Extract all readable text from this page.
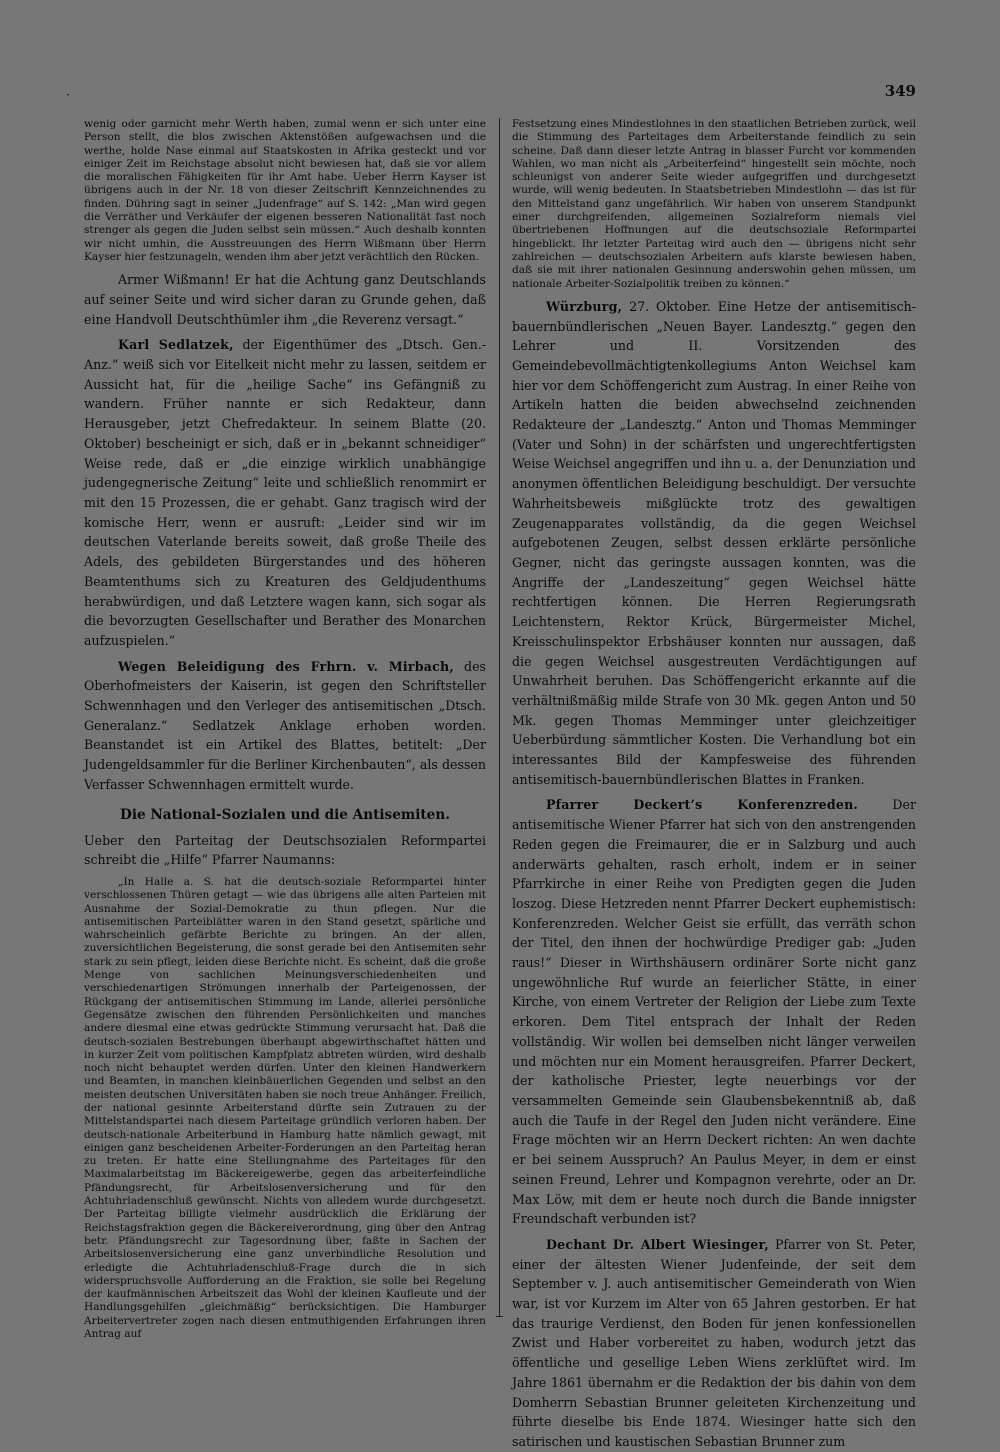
·	349

wenig oder garnicht mehr Werth haben, zumal wenn er sich unter eine Person stellt, die blos zwischen Aktenstößen aufgewachsen und die werthe, holde Nase einmal auf Staatskosten in Afrika gesteckt und vor einiger Zeit im Reichstage absolut nicht bewiesen hat, daß sie vor allem die moralischen Fähigkeiten für ihr Amt habe. Ueber Herrn Kayser ist übrigens auch in der Nr. 18 von dieser Zeitschrift Kennzeichnendes zu finden. Dühring sagt in seiner „Judenfrage“ auf S. 142: „Man wird gegen die Verräther und Verkäufer der eigenen besseren Nationalität fast noch strenger als gegen die Juden selbst sein müssen.“ Auch deshalb konnten wir nicht umhin, die Ausstreuungen des Herrn Wißmann über Herrn Kayser hier festzunageln, wenden ihm aber jetzt verächtlich den Rücken.

Armer Wißmann! Er hat die Achtung ganz Deutschlands auf seiner Seite und wird sicher daran zu Grunde gehen, daß eine Handvoll Deutschthümler ihm „die Reverenz versagt.“

Karl Sedlatzek, der Eigenthümer des „Dtsch. Gen.-Anz.“ weiß sich vor Eitelkeit nicht mehr zu lassen, seitdem er Aussicht hat, für die „heilige Sache“ ins Gefängniß zu wandern. Früher nannte er sich Redakteur, dann Herausgeber, jetzt Chefredakteur. In seinem Blatte (20. Oktober) bescheinigt er sich, daß er in „bekannt schneidiger“ Weise rede, daß er „die einzige wirklich unabhängige judengegnerische Zeitung“ leite und schließlich renommirt er mit den 15 Prozessen, die er gehabt. Ganz tragisch wird der komische Herr, wenn er ausruft: „Leider sind wir im deutschen Vaterlande bereits soweit, daß große Theile des Adels, des gebildeten Bürgerstandes und des höheren Beamtenthums sich zu Kreaturen des Geldjudenthums herabwürdigen, und daß Letztere wagen kann, sich sogar als die bevorzugten Gesellschafter und Berather des Monarchen aufzuspielen.“

Wegen Beleidigung des Frhrn. v. Mirbach, des Oberhofmeisters der Kaiserin, ist gegen den Schriftsteller Schwennhagen und den Verleger des antisemitischen „Dtsch. Generalanz.“ Sedlatzek Anklage erhoben worden. Beanstandet ist ein Artikel des Blattes, betitelt: „Der Judengeldsammler für die Berliner Kirchenbauten“, als dessen Verfasser Schwennhagen ermittelt wurde.

Die National-Sozialen und die Antisemiten.

Ueber den Parteitag der Deutschsozialen Reformpartei schreibt die „Hilfe“ Pfarrer Naumanns:

„In Halle a. S. hat die deutsch-soziale Reformpartei hinter verschlossenen Thüren getagt — wie das übrigens alle alten Parteien mit Ausnahme der Sozial-Demokratie zu thun pflegen. Nur die antisemitischen Parteiblätter waren in den Stand gesetzt, spärliche und wahrscheinlich gefärbte Berichte zu bringen. An der allen, zuversichtlichen Begeisterung, die sonst gerade bei den Antisemiten sehr stark zu sein pflegt, leiden diese Berichte nicht. Es scheint, daß die große Menge von sachlichen Meinungsverschiedenheiten und verschiedenartigen Strömungen innerhalb der Parteigenossen, der Rückgang der antisemitischen Stimmung im Lande, allerlei persönliche Gegensätze zwischen den führenden Persönlichkeiten und manches andere diesmal eine etwas gedrückte Stimmung verursacht hat. Daß die deutsch-sozialen Bestrebungen überhaupt abgewirthschaftet hätten und in kurzer Zeit vom politischen Kampfplatz abtreten würden, wird deshalb noch nicht behauptet werden dürfen. Unter den kleinen Handwerkern und Beamten, in manchen kleinbäuerlichen Gegenden und selbst an den meisten deutschen Universitäten haben sie noch treue Anhänger. Freilich, der national gesinnte Arbeiterstand dürfte sein Zutrauen zu der Mittelstandspartei nach diesem Parteitage gründlich verloren haben. Der deutsch-nationale Arbeiterbund in Hamburg hatte nämlich gewagt, mit einigen ganz bescheidenen Arbeiter-Forderungen an den Parteitag heran zu treten. Er hatte eine Stellungnahme des Parteitages für den Maximalarbeitstag im Bäckereigewerbe, gegen das arbeiterfeindliche Pfändungsrecht, für Arbeitslosenversicherung und für den Achtuhrladenschluß gewünscht. Nichts von alledem wurde durchgesetzt. Der Parteitag billigte vielmehr ausdrücklich die Erklärung der Reichstagsfraktion gegen die Bäckereiverordnung, ging über den Antrag betr. Pfändungsrecht zur Tagesordnung über, faßte in Sachen der Arbeitslosenversicherung eine ganz unverbindliche Resolution und erledigte die Achtuhrladenschluß-Frage durch die in sich widerspruchsvolle Aufforderung an die Fraktion, sie solle bei Regelung der kaufmännischen Arbeitszeit das Wohl der kleinen Kaufleute und der Handlungsgehilfen „gleichmäßig“ berücksichtigen. Die Hamburger Arbeitervertreter zogen nach diesen entmuthigenden Erfahrungen ihren Antrag auf

Festsetzung eines Mindestlohnes in den staatlichen Betrieben zurück, weil die Stimmung des Parteitages dem Arbeiterstande feindlich zu sein scheine. Daß dann dieser letzte Antrag in blasser Furcht vor kommenden Wahlen, wo man nicht als „Arbeiterfeind“ hingestellt sein möchte, noch schleunigst von anderer Seite wieder aufgegriffen und durchgesetzt wurde, will wenig bedeuten. In Staatsbetrieben Mindestlohn — das ist für den Mittelstand ganz ungefährlich. Wir haben von unserem Standpunkt einer durchgreifenden, allgemeinen Sozialreform niemals viel übertriebenen Hoffnungen auf die deutschsoziale Reformpartei hingeblickt. Ihr letzter Parteitag wird auch den — übrigens nicht sehr zahlreichen — deutschsozialen Arbeitern aufs klarste bewiesen haben, daß sie mit ihrer nationalen Gesinnung anderswohin gehen müssen, um nationale Arbeiter-Sozialpolitik treiben zu können.“

Würzburg, 27. Oktober. Eine Hetze der antisemitisch-bauernbündlerischen „Neuen Bayer. Landesztg.“ gegen den Lehrer und II. Vorsitzenden des Gemeindebevollmächtigtenkollegiums Anton Weichsel kam hier vor dem Schöffengericht zum Austrag. In einer Reihe von Artikeln hatten die beiden abwechselnd zeichnenden Redakteure der „Landesztg.“ Anton und Thomas Memminger (Vater und Sohn) in der schärfsten und ungerechtfertigsten Weise Weichsel angegriffen und ihn u. a. der Denunziation und anonymen öffentlichen Beleidigung beschuldigt. Der versuchte Wahrheitsbeweis mißglückte trotz des gewaltigen Zeugenapparates vollständig, da die gegen Weichsel aufgebotenen Zeugen, selbst dessen erklärte persönliche Gegner, nicht das geringste aussagen konnten, was die Angriffe der „Landeszeitung“ gegen Weichsel hätte rechtfertigen können. Die Herren Regierungsrath Leichtenstern, Rektor Krück, Bürgermeister Michel, Kreisschulinspektor Erbshäuser konnten nur aussagen, daß die gegen Weichsel ausgestreuten Verdächtigungen auf Unwahrheit beruhen. Das Schöffengericht erkannte auf die verhältnißmäßig milde Strafe von 30 Mk. gegen Anton und 50 Mk. gegen Thomas Memminger unter gleichzeitiger Ueberbürdung sämmtlicher Kosten. Die Verhandlung bot ein interessantes Bild der Kampfesweise des führenden antisemitisch-bauernbündlerischen Blattes in Franken.

Pfarrer Deckert’s Konferenzreden. Der antisemitische Wiener Pfarrer hat sich von den anstrengenden Reden gegen die Freimaurer, die er in Salzburg und auch anderwärts gehalten, rasch erholt, indem er in seiner Pfarrkirche in einer Reihe von Predigten gegen die Juden loszog. Diese Hetzreden nennt Pfarrer Deckert euphemistisch: Konferenzreden. Welcher Geist sie erfüllt, das verräth schon der Titel, den ihnen der hochwürdige Prediger gab: „Juden raus!“ Dieser in Wirthshäusern ordinärer Sorte nicht ganz ungewöhnliche Ruf wurde an feierlicher Stätte, in einer Kirche, von einem Vertreter der Religion der Liebe zum Texte erkoren. Dem Titel entsprach der Inhalt der Reden vollständig. Wir wollen bei demselben nicht länger verweilen und möchten nur ein Moment herausgreifen. Pfarrer Deckert, der katholische Priester, legte neuerbings vor der versammelten Gemeinde sein Glaubensbekenntniß ab, daß auch die Taufe in der Regel den Juden nicht verändere. Eine Frage möchten wir an Herrn Deckert richten: An wen dachte er bei seinem Ausspruch? An Paulus Meyer, in dem er einst seinen Freund, Lehrer und Kompagnon verehrte, oder an Dr. Max Löw, mit dem er heute noch durch die Bande innigster Freundschaft verbunden ist?

Dechant Dr. Albert Wiesinger, Pfarrer von St. Peter, einer der ältesten Wiener Judenfeinde, der seit dem September v. J. auch antisemitischer Gemeinderath von Wien war, ist vor Kurzem im Alter von 65 Jahren gestorben. Er hat das traurige Verdienst, den Boden für jenen konfessionellen Zwist und Haber vorbereitet zu haben, wodurch jetzt das öffentliche und gesellige Leben Wiens zerklüftet wird. Im Jahre 1861 übernahm er die Redaktion der bis dahin von dem Domherrn Sebastian Brunner geleiteten Kirchenzeitung und führte dieselbe bis Ende 1874. Wiesinger hatte sich den satirischen und kaustischen Sebastian Brunner zum
